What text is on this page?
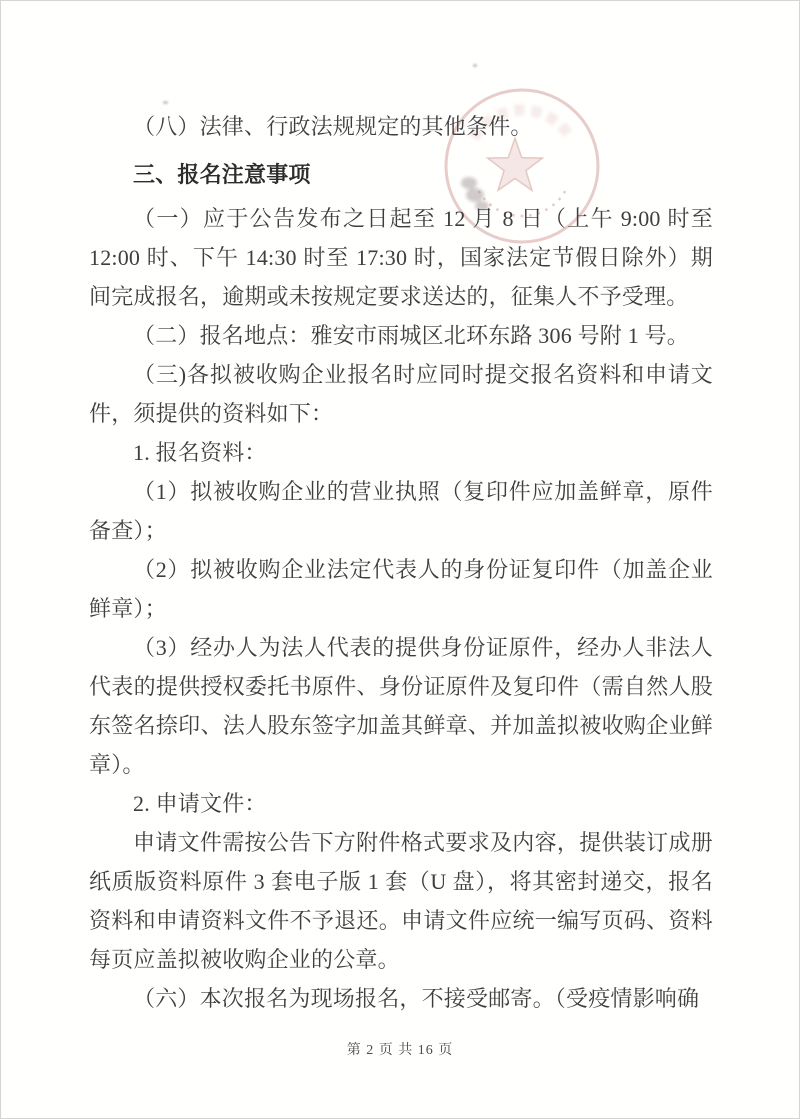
（八）法律、行政法规规定的其他条件。

三、报名注意事项

（一）应于公告发布之日起至 12 月 8 日（上午 9:00 时至 12:00 时、下午 14:30 时至 17:30 时，国家法定节假日除外）期间完成报名，逾期或未按规定要求送达的，征集人不予受理。

（二）报名地点：雅安市雨城区北环东路 306 号附 1 号。

（三)各拟被收购企业报名时应同时提交报名资料和申请文件，须提供的资料如下：

1. 报名资料：

（1）拟被收购企业的营业执照（复印件应加盖鲜章，原件备查）；

（2）拟被收购企业法定代表人的身份证复印件（加盖企业鲜章）；

（3）经办人为法人代表的提供身份证原件，经办人非法人代表的提供授权委托书原件、身份证原件及复印件（需自然人股东签名捺印、法人股东签字加盖其鲜章、并加盖拟被收购企业鲜章）。

2. 申请文件：

申请文件需按公告下方附件格式要求及内容，提供装订成册纸质版资料原件 3 套电子版 1 套（U 盘），将其密封递交，报名资料和申请资料文件不予退还。申请文件应统一编写页码、资料每页应盖拟被收购企业的公章。

（六）本次报名为现场报名，不接受邮寄。（受疫情影响确

第 2 页 共 16 页
